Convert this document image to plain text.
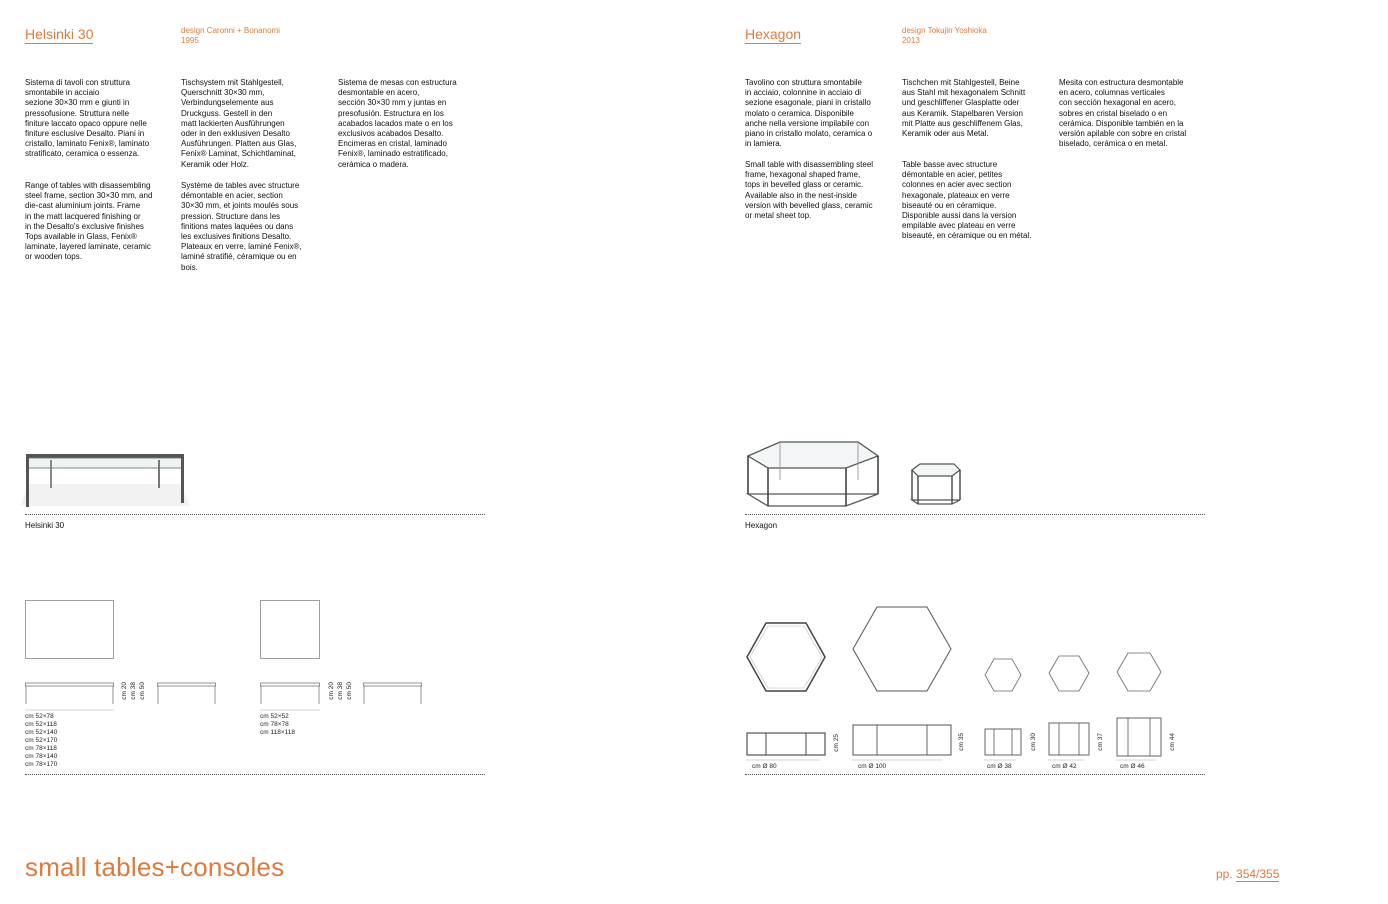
Helsinki 30	design Caronni + Bonanomi
1995
Sistema di tavoli con struttura
smontabile in acciaio
sezione 30×30 mm e giunti in
pressofusione. Struttura nelle
finiture laccato opaco oppure nelle
finiture esclusive Desalto. Piani in
cristallo, laminato Fenix®, laminato
stratificato, ceramica o essenza.
Tischsystem mit Stahlgestell,
Querschnitt 30×30 mm,
Verbindungselemente aus
Druckguss. Gestell in den
matt lackierten Ausführungen
oder in den exklusiven Desalto
Ausführungen. Platten aus Glas,
Fenix® Laminat, Schichtlaminat,
Keramik oder Holz.
Sistema de mesas con estructura
desmontable en acero,
sección 30×30 mm y juntas en
presofusión. Estructura en los
acabados lacados mate o en los
exclusivos acabados Desalto.
Encimeras en cristal, laminado
Fenix®, laminado estratificado,
cerámica o madera.
Range of tables with disassembling
steel frame, section 30×30 mm, and
die-cast aluminium joints. Frame
in the matt lacquered finishing or
in the Desalto's exclusive finishes
Tops available in Glass, Fenix®
laminate, layered laminate, ceramic
or wooden tops.
Système de tables avec structure
démontable en acier, section
30×30 mm, et joints moulés sous
pression. Structure dans les
finitions mates laquées ou dans
les exclusives finitions Desalto.
Plateaux en verre, laminé Fenix®,
laminé stratifié, céramique ou en
bois.
Helsinki 30
cm 20 cm 38 cm 50
cm 52×78
cm 52×118
cm 52×140
cm 52×170
cm 78×118
cm 78×140
cm 78×170
cm 20 cm 38 cm 50
cm 52×52
cm 78×78
cm 118×118
Hexagon	design Tokujin Yoshioka
2013
Tavolino con struttura smontabile
in acciaio, colonnine in acciaio di
sezione esagonale, piani in cristallo
molato o ceramica. Disponibile
anche nella versione impilabile con
piano in cristallo molato, ceramica o
in lamiera.
Tischchen mit Stahlgestell, Beine
aus Stahl mit hexagonalem Schnitt
und geschliffener Glasplatte oder
aus Keramik. Stapelbaren Version
mit Platte aus geschliffenem Glas,
Keramik oder aus Metal.
Mesita con estructura desmontable
en acero, columnas verticales
con sección hexagonal en acero,
sobres en cristal biselado o en
cerámica. Disponible también en la
versión apilable con sobre en cristal
biselado, cerámica o en metal.
Small table with disassembling steel
frame, hexagonal shaped frame,
tops in bevelled glass or ceramic.
Available also in the nest-inside
version with bevelled glass, ceramic
or metal sheet top.
Table basse avec structure
démontable en acier, petites
colonnes en acier avec section
hexagonale, plateaux en verre
biseauté ou en céramique.
Disponible aussi dans la version
empilable avec plateau en verre
biseauté, en céramique ou en métal.
Hexagon
cm 25	cm 35	cm 30	cm 37	cm 44
cm Ø 80	cm Ø 100	cm Ø 38	cm Ø 42	cm Ø 46
small tables+consoles	pp. 354/355
